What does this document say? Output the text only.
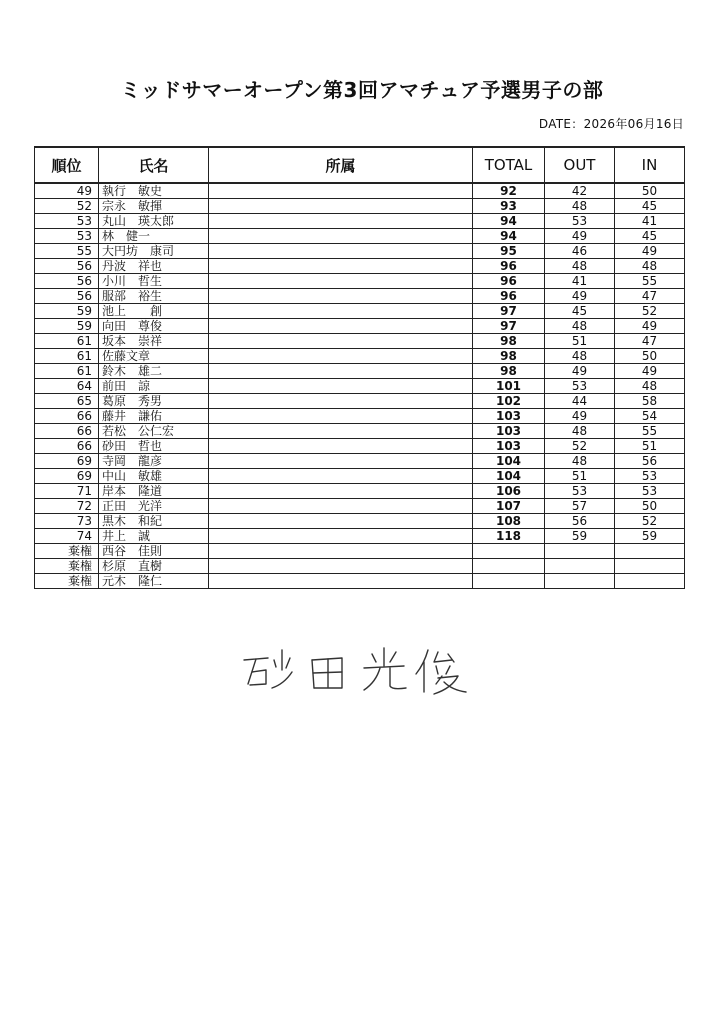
ミッドサマーオープン第3回アマチュア予選男子の部
DATE：2026年06月16日
順位	氏名	所属	TOTAL	OUT	IN
49	執行　敏史		92	42	50
52	宗永　敏揮		93	48	45
53	丸山　瑛太郎		94	53	41
53	林　健一		94	49	45
55	大円坊　康司		95	46	49
56	丹波　祥也		96	48	48
56	小川　哲生		96	41	55
56	服部　裕生		96	49	47
59	池上　　創		97	45	52
59	向田　尊俊		97	48	49
61	坂本　崇祥		98	51	47
61	佐藤文章		98	48	50
61	鈴木　雄二		98	49	49
64	前田　諒		101	53	48
65	葛原　秀男		102	44	58
66	藤井　謙佑		103	49	54
66	若松　公仁宏		103	48	55
66	砂田　哲也		103	52	51
69	寺岡　龍彦		104	48	56
69	中山　敏雄		104	51	53
71	岸本　隆道		106	53	53
72	正田　光洋		107	57	50
73	黒木　和紀		108	56	52
74	井上　誠		118	59	59
棄権	西谷　佳則				
棄権	杉原　直樹				
棄権	元木　隆仁				
